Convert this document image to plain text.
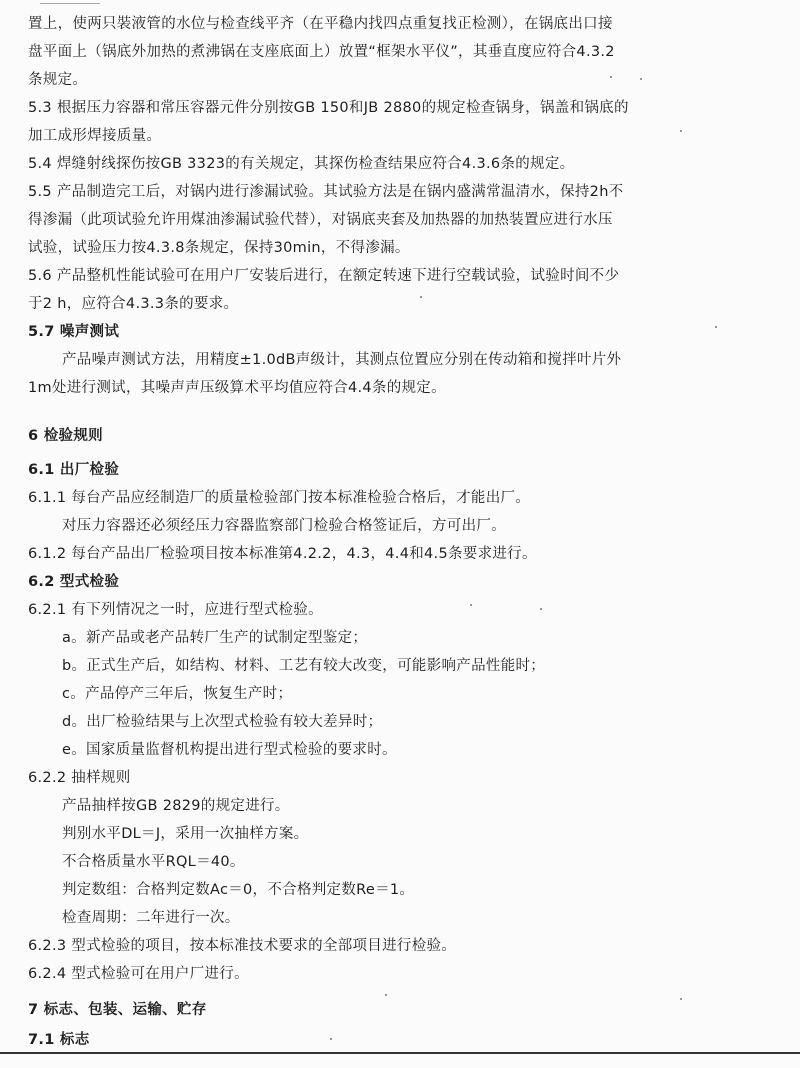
置上，使两只裝液管的水位与检查线平齐（在平稳内找四点重复找正检测），在锅底出口接
盘平面上（锅底外加热的煮沸锅在支座底面上）放置“框架水平仪”，其垂直度应符合4.3.2
条规定。
5.3 根据压力容器和常压容器元件分别按GB 150和JB 2880的规定检查锅身，锅盖和锅底的
加工成形焊接质量。
5.4 焊缝射线探伤按GB 3323的有关规定，其探伤检查结果应符合4.3.6条的规定。
5.5 产品制造完工后，对锅内进行渗漏试验。其试验方法是在锅内盛满常温清水，保持2h不
得渗漏（此项试验允许用煤油渗漏试验代替），对锅底夹套及加热器的加热装置应进行水压
试验，试验压力按4.3.8条规定，保持30min，不得渗漏。
5.6 产品整机性能试验可在用户厂安装后进行，在额定转速下进行空载试验，试验时间不少
于2 h，应符合4.3.3条的要求。
5.7 噪声测试
产品噪声测试方法，用精度±1.0dB声级计，其测点位置应分别在传动箱和搅拌叶片外
1m处进行测试，其噪声声压级算术平均值应符合4.4条的规定。
6 检验规则
6.1 出厂检验
6.1.1 每台产品应经制造厂的质量检验部门按本标准检验合格后，才能出厂。
对压力容器还必须经压力容器监察部门检验合格签证后，方可出厂。
6.1.2 每台产品出厂检验项目按本标准第4.2.2，4.3，4.4和4.5条要求进行。
6.2 型式检验
6.2.1 有下列情况之一时，应进行型式检验。
a。新产品或老产品转厂生产的试制定型鉴定；
b。正式生产后，如结构、材料、工艺有较大改变，可能影响产品性能时；
c。产品停产三年后，恢复生产时；
d。出厂检验结果与上次型式检验有较大差异时；
e。国家质量监督机构提出进行型式检验的要求时。
6.2.2 抽样规则
产品抽样按GB 2829的规定进行。
判别水平DL＝J，采用一次抽样方案。
不合格质量水平RQL＝40。
判定数组：合格判定数Ac＝0，不合格判定数Re＝1。
检查周期：二年进行一次。
6.2.3 型式检验的项目，按本标准技术要求的全部项目进行检验。
6.2.4 型式检验可在用户厂进行。
7 标志、包装、运输、贮存
7.1 标志
